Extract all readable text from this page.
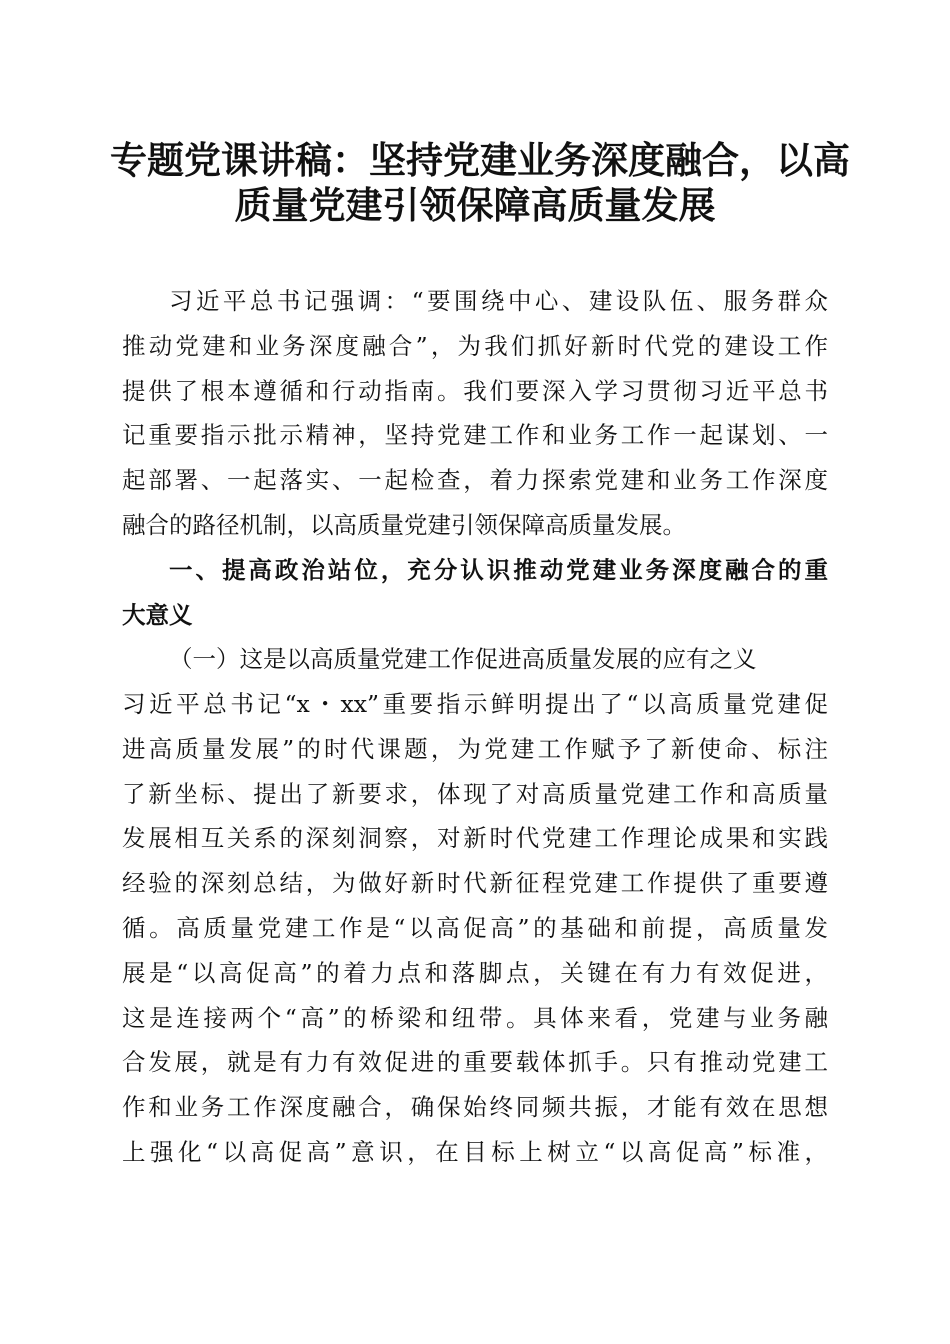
专题党课讲稿：坚持党建业务深度融合，以高
质量党建引领保障高质量发展
习近平总书记强调：“要围绕中心、建设队伍、服务群众
推动党建和业务深度融合”，为我们抓好新时代党的建设工作
提供了根本遵循和行动指南。我们要深入学习贯彻习近平总书
记重要指示批示精神，坚持党建工作和业务工作一起谋划、一
起部署、一起落实、一起检查，着力探索党建和业务工作深度
融合的路径机制，以高质量党建引领保障高质量发展。
一、提高政治站位，充分认识推动党建业务深度融合的重
大意义
（一）这是以高质量党建工作促进高质量发展的应有之义
习近平总书记“x・xx”重要指示鲜明提出了“以高质量党建促
进高质量发展”的时代课题，为党建工作赋予了新使命、标注
了新坐标、提出了新要求，体现了对高质量党建工作和高质量
发展相互关系的深刻洞察，对新时代党建工作理论成果和实践
经验的深刻总结，为做好新时代新征程党建工作提供了重要遵
循。高质量党建工作是“以高促高”的基础和前提，高质量发
展是“以高促高”的着力点和落脚点，关键在有力有效促进，
这是连接两个“高”的桥梁和纽带。具体来看，党建与业务融
合发展，就是有力有效促进的重要载体抓手。只有推动党建工
作和业务工作深度融合，确保始终同频共振，才能有效在思想
上强化“以高促高”意识，在目标上树立“以高促高”标准，
